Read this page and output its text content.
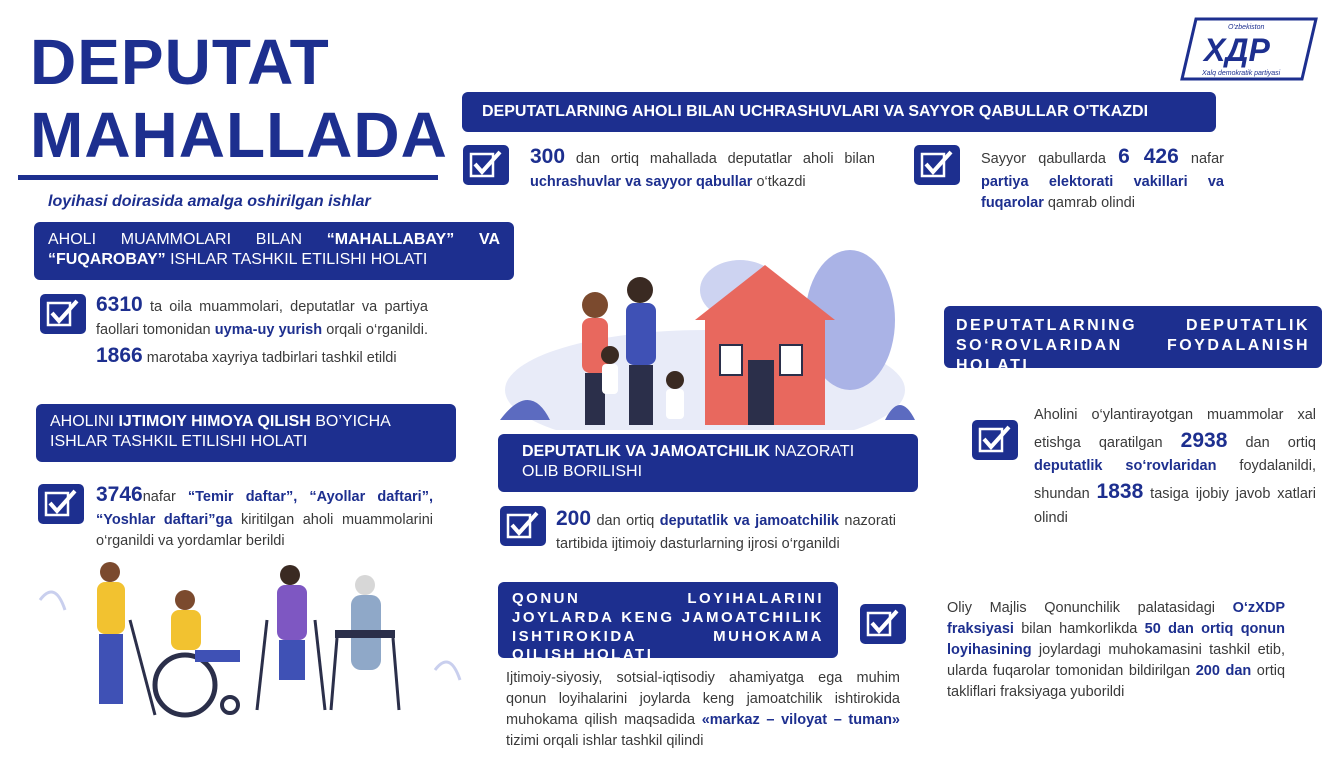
DEPUTAT
MAHALLADA
loyihasi doirasida amalga oshirilgan ishlar
O'zbekiston
XДP
Xalq demokratik partiyasi
DEPUTATLARNING AHOLI BILAN UCHRASHUVLARI VA SAYYOR QABULLAR O'TKAZDI
300 dan ortiq mahallada deputatlar aholi bilan uchrashuvlar va sayyor qabullar o‘tkazdi
Sayyor qabullarda 6 426 nafar partiya elektorati vakillari va fuqarolar qamrab olindi
AHOLI MUAMMOLARI BILAN “MAHALLABAY” VA “FUQAROBAY” ISHLAR TASHKIL ETILISHI HOLATI
6310 ta oila muammolari, deputatlar va partiya faollari tomonidan uyma-uy yurish orqali o‘rganildi. 1866 marotaba xayriya tadbirlari tashkil etildi
AHOLINI IJTIMOIY HIMOYA QILISH BO’YICHA ISHLAR TASHKIL ETILISHI HOLATI
3746nafar “Temir daftar”, “Ayollar daftari”, “Yoshlar daftari”ga kiritilgan aholi muammolarini o‘rganildi va yordamlar berildi
DEPUTATLIK VA JAMOATCHILIK NAZORATI OLIB BORILISHI
200 dan ortiq deputatlik va jamoatchilik nazorati tartibida ijtimoiy dasturlarning ijrosi o‘rganildi
DEPUTATLARNING DEPUTATLIK SO‘ROVLARIDAN FOYDALANISH HOLATI
Aholini o‘ylantirayotgan muammolar xal etishga qaratilgan 2938 dan ortiq deputatlik so‘rovlaridan foydalanildi, shundan 1838 tasiga ijobiy javob xatlari olindi
QONUN LOYIHALARINI JOYLARDA KENG JAMOATCHILIK ISHTIROKIDA MUHOKAMA QILISH HOLATI
Ijtimoiy-siyosiy, sotsial-iqtisodiy ahamiyatga ega muhim qonun loyihalarini joylarda keng jamoatchilik ishtirokida muhokama qilish maqsadida «markaz – viloyat – tuman» tizimi orqali ishlar tashkil qilindi
Oliy Majlis Qonunchilik palatasidagi O‘zXDP fraksiyasi bilan hamkorlikda 50 dan ortiq qonun loyihasining joylardagi muhokamasini tashkil etib, ularda fuqarolar tomonidan bildirilgan 200 dan ortiq takliflari fraksiyaga yuborildi
